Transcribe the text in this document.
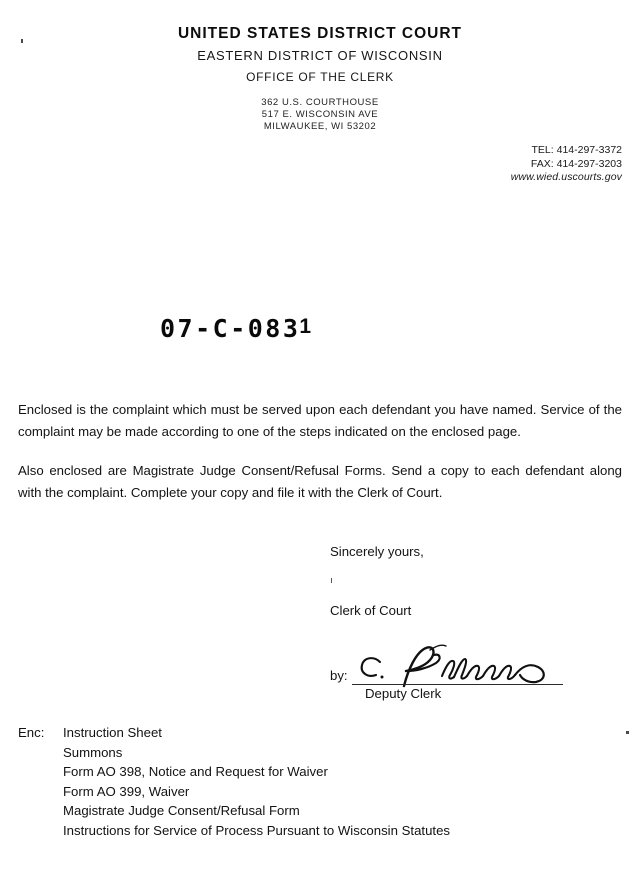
UNITED STATES DISTRICT COURT
EASTERN DISTRICT OF WISCONSIN
OFFICE OF THE CLERK
362 U.S. COURTHOUSE
517 E. WISCONSIN AVE
MILWAUKEE, WI 53202
TEL: 414-297-3372
FAX: 414-297-3203
www.wied.uscourts.gov
07-C-0831

Enclosed is the complaint which must be served upon each defendant you have named. Service of the complaint may be made according to one of the steps indicated on the enclosed page.

Also enclosed are Magistrate Judge Consent/Refusal Forms. Send a copy to each defendant along with the complaint. Complete your copy and file it with the Clerk of Court.

Sincerely yours,
Clerk of Court
by:
Deputy Clerk
Enc:	Instruction Sheet
Summons
Form AO 398, Notice and Request for Waiver
Form AO 399, Waiver
Magistrate Judge Consent/Refusal Form
Instructions for Service of Process Pursuant to Wisconsin Statutes
